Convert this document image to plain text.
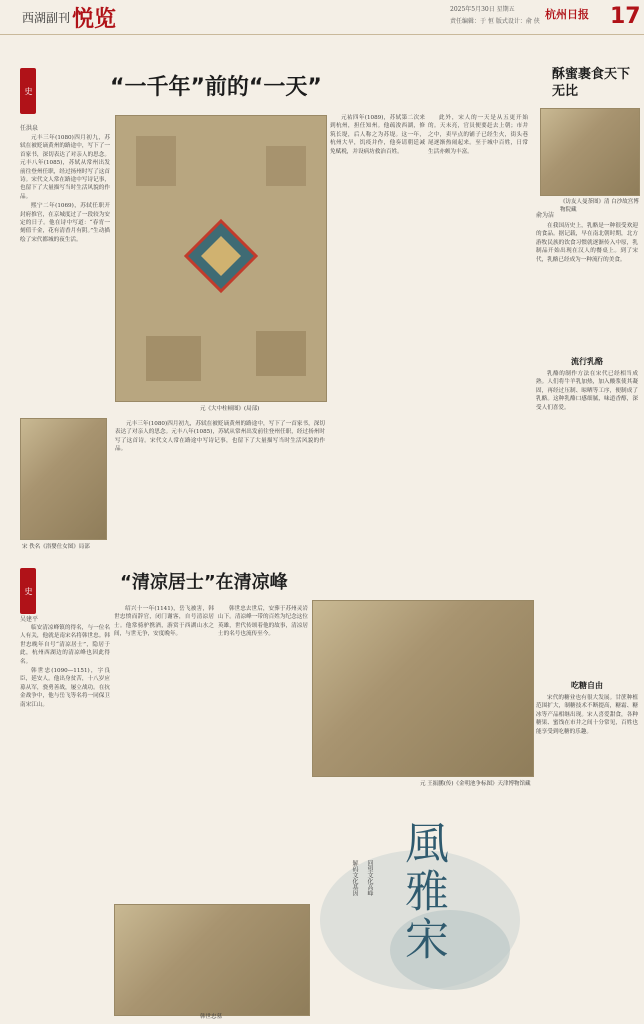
西湖副刊 悦览	2025年5月30日 星期五
责任编辑：于 恒 版式设计：俞 侠
杭州日报 17
史	“一千年”前的“一天”
任洪泉

元丰三年(1080)四月初九，苏轼在被贬谪黄州的路途中，写下了一首家书，深切表达了对亲人的思念。元丰八年(1085)，苏轼从常州出发前往登州任职，经过扬州时写了这首诗。宋代文人常在路途中写诗记事，也留下了大量描写当时生活风貌的作品。

熙宁二年(1069)，苏轼任职开封府推官，在京城度过了一段较为安定的日子。他在诗中写道：“春宵一刻值千金，花有清香月有阴。”生动描绘了宋代都城的夜生活。

元《大中柱顿图》(局部)

元祐四年(1089)，苏轼第二次来到杭州，担任知州。他疏浚西湖，修筑长堤，后人称之为苏堤。这一年，杭州大旱，饥疫并作，他奏请朝廷减免赋税，并设病坊救治百姓。

此外，宋人的一天是从五更开始的。天未亮，官员便要赶去上朝；市井之中，卖早点的铺子已经生火，街头巷尾逐渐热闹起来。至于城中百姓，日常生活亦颇为丰富。

宋 佚名《浴婴仕女图》局部

元丰三年(1080)四月初九，苏轼在被贬谪黄州的路途中，写下了一首家书，深切表达了对亲人的思念。元丰八年(1085)，苏轼从常州出发前往登州任职，经过扬州时写了这首诗。宋代文人常在路途中写诗记事，也留下了大量描写当时生活风貌的作品。

酥蜜裹食天下无比
《访友人曼荼图》清 白沙故宫博物院藏
俞为洁

在我国历史上，乳酪是一种很受欢迎的食品。据记载，早在南北朝时期，北方游牧民族的饮食习惯就逐渐传入中原，乳制品开始出现在汉人的餐桌上。到了宋代，乳酪已经成为一种流行的美食。

流行乳酪

乳酪的制作方法在宋代已经相当成熟。人们将牛羊乳加热，加入酸浆使其凝固，再经过压制、晾晒等工序，便制成了乳酪。这种乳酪口感细腻，味道香醇，深受人们喜爱。

吃糖自由

宋代的糖业也有很大发展。甘蔗种植范围扩大，制糖技术不断提高，糖霜、糖冰等产品相继出现。宋人喜爱甜食，各种糖果、蜜饯在市井之间十分常见，百姓也能享受到吃糖的乐趣。

史	“清凉居士”在清凉峰
吴建平

临安清凉峰镇的得名，与一位名人有关，他就是南宋名将韩世忠。韩世忠晚年自号“清凉居士”，隐居于此，杭州西湖边的清凉峰也因此得名。

韩世忠(1090—1151)，字良臣，延安人。他出身贫苦，十八岁应募从军，骁勇善战，屡立战功。在抗金战争中，他与岳飞等名将一同保卫南宋江山。

绍兴十一年(1141)，岳飞被害，韩世忠愤而辞官，闭门谢客，自号清凉居士。他常骑驴携酒，游赏于西湖山水之间，与世无争，安度晚年。

韩世忠去世后，安葬于苏州灵岩山下。清凉峰一带的百姓为纪念这位英雄，世代传颂着他的故事，清凉居士的名号也流传至今。

元 王振鹏(传)《金明池争标图》天津博物馆藏
韩世忠墓
風雅宋
解码文化基因 回望文化高峰
